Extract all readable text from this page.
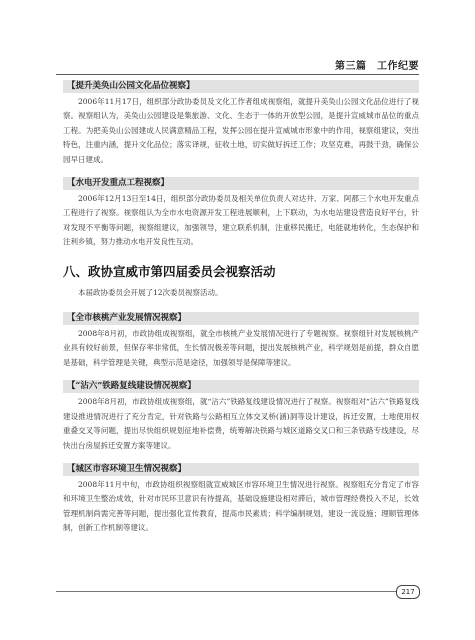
第三篇　工作纪要
【提升美奂山公园文化品位视察】

2006年11月17日，组织部分政协委员及文化工作者组成视察组，就提升美奂山公园文化品位进行了视察。视察组认为，美奂山公园建设是集旅游、文化、生态于一体的开放型公园，是提升宣威城市品位的重点工程。为把美奂山公园建成人民满意精品工程，发挥公园在提升宣威城市形象中的作用，视察组建议，突出特色，注重内涵，提升文化品位；落实译规，征收土地，切实做好拆迁工作；攻坚克难，再鼓干劲，确保公园早日建成。

【水电开发重点工程视察】

2006年12月13日至14日，组织部分政协委员及相关单位负责人对达井、万家、阿都三个水电开发重点工程进行了视察。视察组认为全市水电资源开发工程进展顺利，上下联动，为水电站建设营造良好平台，针对发现不平衡等问题，视察组建议，加强领导，建立联系机制，注重移民搬迁，电能就地转化，生态保护和注利乡镇，努力推动水电开发良性互动。

八、政协宣威市第四届委员会视察活动

本届政协委员会开展了12次委员视察活动。

【全市核桃产业发展情况视察】

2008年8月初，市政协组成视察组，就全市核桃产业发展情况进行了专题视察。视察组针对发展核桃产业具有较好前景，但保存率非常低，生长情况极差等问题，提出发展核桃产业，科学规划是前提，群众自愿是基础，科学管理是关键，典型示范是途径，加强领导是保障等建议。

【“沾六”铁路复线建设情况视察】

2008年8月初，市政协组成视察组，就“沾六”铁路复线建设情况进行了视察。视察组对“沾六”铁路复线建设推进情况进行了充分肯定，针对铁路与公路相互立体交叉桥(涵)洞等设计建设，拆迁安置，土地使用权重叠交叉等问题，提出尽快组织规划征地补偿费，统筹解决铁路与城区道路交叉口和三条铁路专线建设，尽快出台房屋拆迁安置方案等建议。

【城区市容环境卫生情况视察】

2008年11月中旬，市政协组织视察组就宣威城区市容环境卫生情况进行视察。视察组充分肯定了市容和环境卫生整治成效，针对市民环卫意识有待提高，基础设施建设相对滞后，城市管理经费投入不足，长效管理机制尚需完善等问题，提出强化宣传教育，提高市民素质；科学编制规划，建设一流设施；理顺管理体制，创新工作机制等建议。

217
